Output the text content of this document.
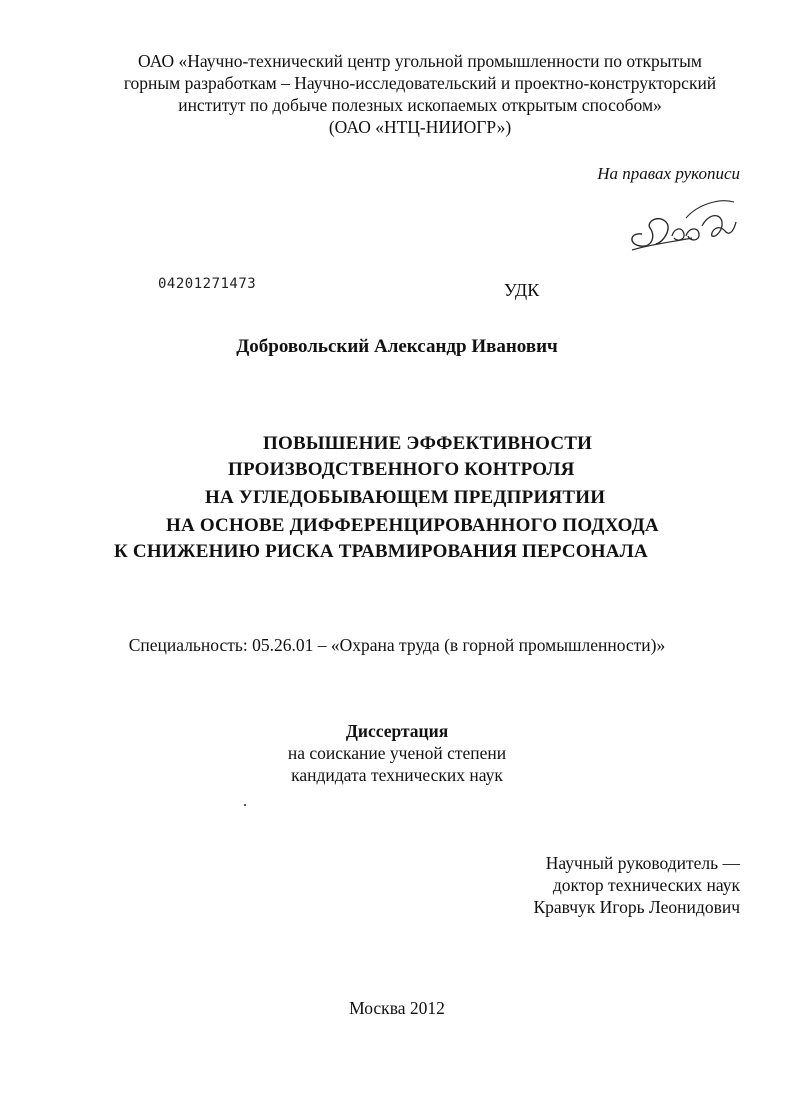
ОАО «Научно-технический центр угольной промышленности по открытым
горным разработкам – Научно-исследовательский и проектно-конструкторский
институт по добыче полезных ископаемых открытым способом»
(ОАО «НТЦ-НИИОГР»)
На правах рукописи
04201271473	УДК
Добровольский Александр Иванович
ПОВЫШЕНИЕ ЭФФЕКТИВНОСТИ
ПРОИЗВОДСТВЕННОГО КОНТРОЛЯ
НА УГЛЕДОБЫВАЮЩЕМ ПРЕДПРИЯТИИ
НА ОСНОВЕ ДИФФЕРЕНЦИРОВАННОГО ПОДХОДА
К СНИЖЕНИЮ РИСКА ТРАВМИРОВАНИЯ ПЕРСОНАЛА
Специальность: 05.26.01 – «Охрана труда (в горной промышленности)»
Диссертация
на соискание ученой степени
кандидата технических наук
Научный руководитель —
доктор технических наук
Кравчук Игорь Леонидович
Москва 2012
